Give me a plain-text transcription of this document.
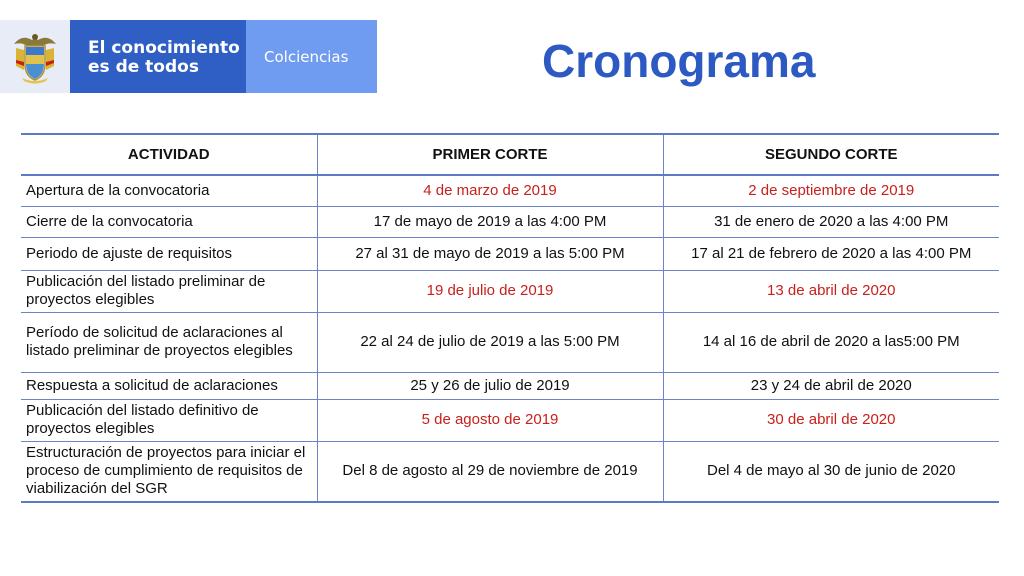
El conocimiento
es de todos
Colciencias	Cronograma
ACTIVIDAD	PRIMER CORTE	SEGUNDO CORTE
Apertura de la convocatoria	4 de marzo de 2019	2 de septiembre de 2019
Cierre de la convocatoria	17 de mayo de 2019 a las 4:00 PM	31 de enero de 2020 a las 4:00 PM
Periodo de ajuste de requisitos	27 al 31 de mayo de 2019 a las 5:00 PM	17 al 21 de febrero de 2020 a las 4:00 PM
Publicación del listado preliminar de proyectos elegibles	19 de julio de 2019	13 de abril de 2020
Período de solicitud de aclaraciones al listado preliminar de proyectos elegibles	22 al 24 de julio de 2019 a las 5:00 PM	14 al 16 de abril de 2020 a las5:00 PM
Respuesta a solicitud de aclaraciones	25 y 26 de julio de 2019	23 y 24 de abril de 2020
Publicación del listado definitivo de proyectos elegibles	5 de agosto de 2019	30 de abril de 2020
Estructuración de proyectos para iniciar el proceso de cumplimiento de requisitos de viabilización del SGR	Del 8 de agosto al 29 de noviembre de 2019	Del 4 de mayo al 30 de junio de 2020
